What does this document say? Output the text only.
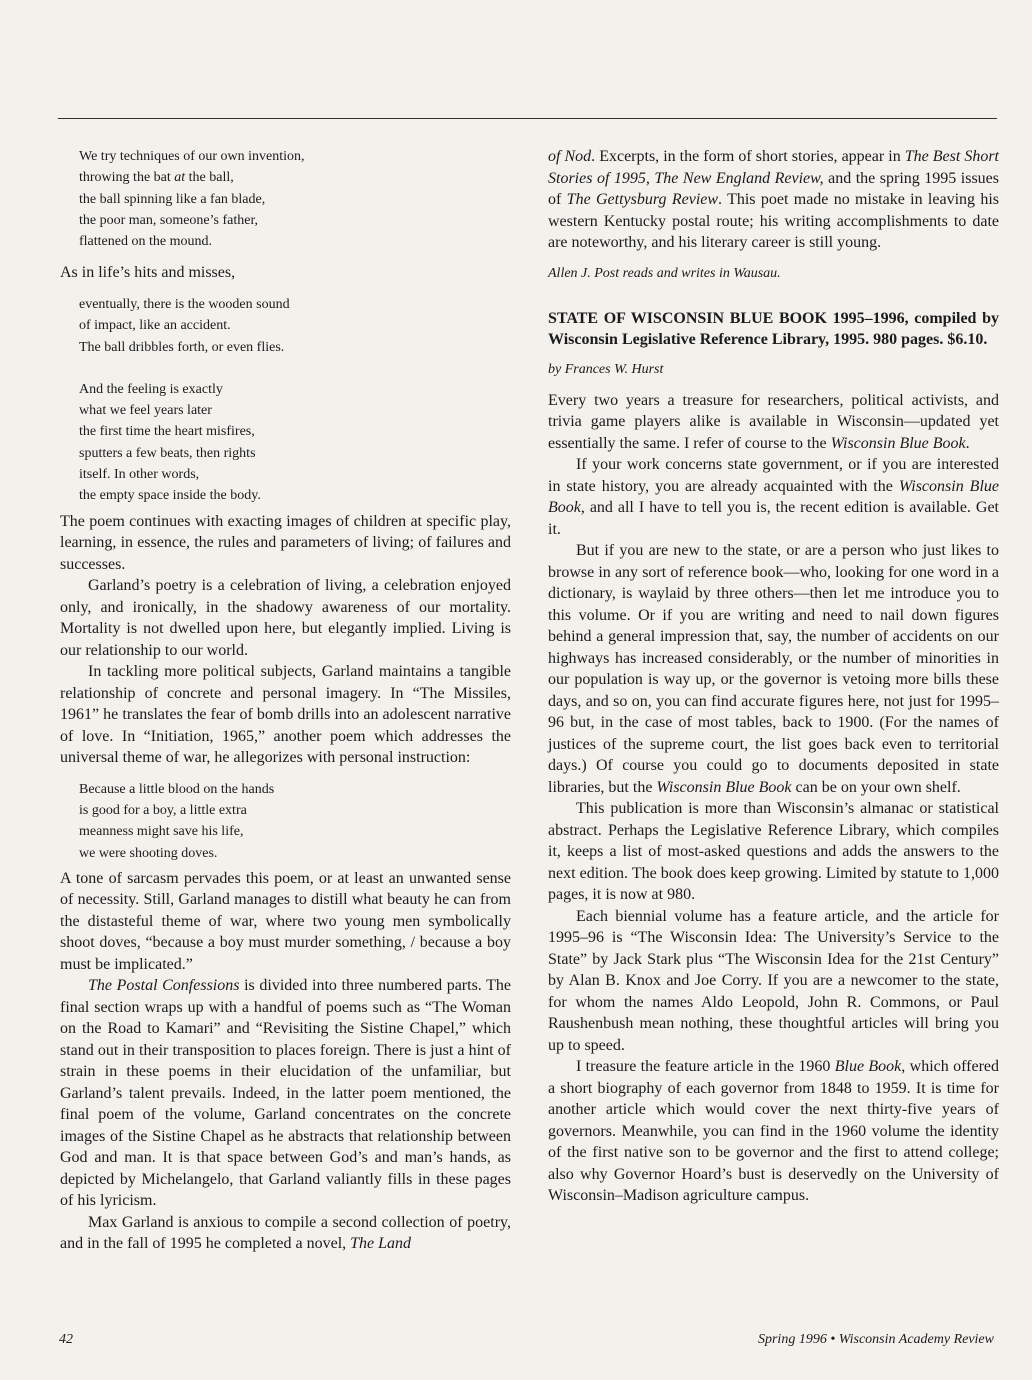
We try techniques of our own invention,
throwing the bat at the ball,
the ball spinning like a fan blade,
the poor man, someone’s father,
flattened on the mound.

As in life’s hits and misses,

eventually, there is the wooden sound
of impact, like an accident.
The ball dribbles forth, or even flies.
And the feeling is exactly
what we feel years later
the first time the heart misfires,
sputters a few beats, then rights
itself. In other words,
the empty space inside the body.

The poem continues with exacting images of children at specific play, learning, in essence, the rules and parameters of living; of failures and successes.

Garland’s poetry is a celebration of living, a celebration enjoyed only, and ironically, in the shadowy awareness of our mortality. Mortality is not dwelled upon here, but elegantly implied. Living is our relationship to our world.

In tackling more political subjects, Garland maintains a tangible relationship of concrete and personal imagery. In “The Missiles, 1961” he translates the fear of bomb drills into an adolescent narrative of love. In “Initiation, 1965,” another poem which addresses the universal theme of war, he allegorizes with personal instruction:

Because a little blood on the hands
is good for a boy, a little extra
meanness might save his life,
we were shooting doves.

A tone of sarcasm pervades this poem, or at least an unwanted sense of necessity. Still, Garland manages to distill what beauty he can from the distasteful theme of war, where two young men symbolically shoot doves, “because a boy must murder something, / because a boy must be implicated.”

The Postal Confessions is divided into three numbered parts. The final section wraps up with a handful of poems such as “The Woman on the Road to Kamari” and “Revisiting the Sistine Chapel,” which stand out in their transposition to places foreign. There is just a hint of strain in these poems in their elucidation of the unfamiliar, but Garland’s talent prevails. Indeed, in the latter poem mentioned, the final poem of the volume, Garland concentrates on the concrete images of the Sistine Chapel as he abstracts that relationship between God and man. It is that space between God’s and man’s hands, as depicted by Michelangelo, that Garland valiantly fills in these pages of his lyricism.

Max Garland is anxious to compile a second collection of poetry, and in the fall of 1995 he completed a novel, The Land

of Nod. Excerpts, in the form of short stories, appear in The Best Short Stories of 1995, The New England Review, and the spring 1995 issues of The Gettysburg Review. This poet made no mistake in leaving his western Kentucky postal route; his writing accomplishments to date are noteworthy, and his literary career is still young.

Allen J. Post reads and writes in Wausau.

STATE OF WISCONSIN BLUE BOOK 1995–1996, compiled by Wisconsin Legislative Reference Library, 1995. 980 pages. $6.10.

by Frances W. Hurst

Every two years a treasure for researchers, political activists, and trivia game players alike is available in Wisconsin—updated yet essentially the same. I refer of course to the Wisconsin Blue Book.

If your work concerns state government, or if you are interested in state history, you are already acquainted with the Wisconsin Blue Book, and all I have to tell you is, the recent edition is available. Get it.

But if you are new to the state, or are a person who just likes to browse in any sort of reference book—who, looking for one word in a dictionary, is waylaid by three others—then let me introduce you to this volume. Or if you are writing and need to nail down figures behind a general impression that, say, the number of accidents on our highways has increased considerably, or the number of minorities in our population is way up, or the governor is vetoing more bills these days, and so on, you can find accurate figures here, not just for 1995–96 but, in the case of most tables, back to 1900. (For the names of justices of the supreme court, the list goes back even to territorial days.) Of course you could go to documents deposited in state libraries, but the Wisconsin Blue Book can be on your own shelf.

This publication is more than Wisconsin’s almanac or statistical abstract. Perhaps the Legislative Reference Library, which compiles it, keeps a list of most-asked questions and adds the answers to the next edition. The book does keep growing. Limited by statute to 1,000 pages, it is now at 980.

Each biennial volume has a feature article, and the article for 1995–96 is “The Wisconsin Idea: The University’s Service to the State” by Jack Stark plus “The Wisconsin Idea for the 21st Century” by Alan B. Knox and Joe Corry. If you are a newcomer to the state, for whom the names Aldo Leopold, John R. Commons, or Paul Raushenbush mean nothing, these thoughtful articles will bring you up to speed.

I treasure the feature article in the 1960 Blue Book, which offered a short biography of each governor from 1848 to 1959. It is time for another article which would cover the next thirty-five years of governors. Meanwhile, you can find in the 1960 volume the identity of the first native son to be governor and the first to attend college; also why Governor Hoard’s bust is deservedly on the University of Wisconsin–Madison agriculture campus.

42	Spring 1996 • Wisconsin Academy Review
